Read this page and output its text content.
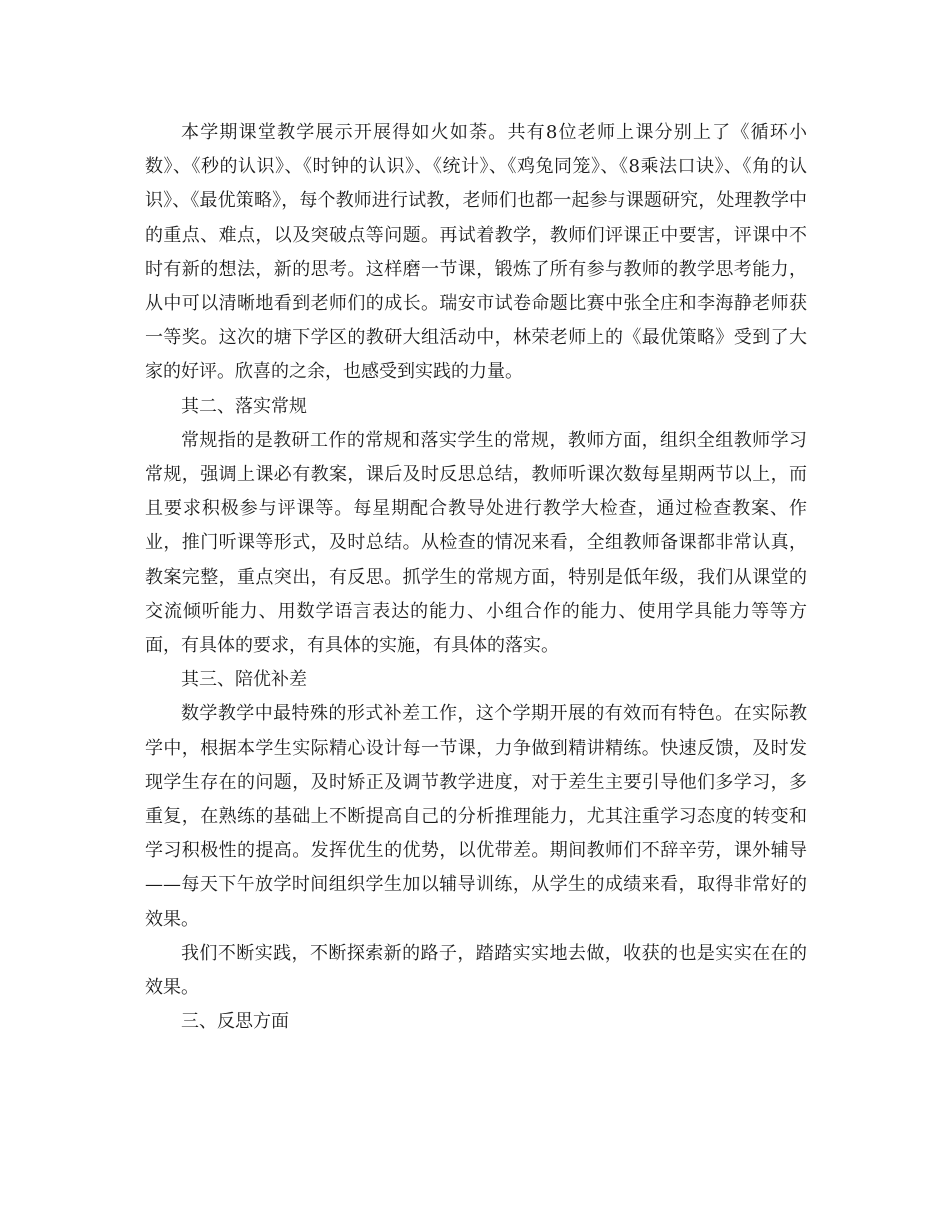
本学期课堂教学展示开展得如火如荼。共有8位老师上课分别上了《循环小数》、《秒的认识》、《时钟的认识》、《统计》、《鸡兔同笼》、《8乘法口诀》、《角的认识》、《最优策略》，每个教师进行试教，老师们也都一起参与课题研究，处理教学中的重点、难点，以及突破点等问题。再试着教学，教师们评课正中要害，评课中不时有新的想法，新的思考。这样磨一节课，锻炼了所有参与教师的教学思考能力，从中可以清晰地看到老师们的成长。瑞安市试卷命题比赛中张全庄和李海静老师获一等奖。这次的塘下学区的教研大组活动中，林荣老师上的《最优策略》受到了大家的好评。欣喜的之余，也感受到实践的力量。

其二、落实常规

常规指的是教研工作的常规和落实学生的常规，教师方面，组织全组教师学习常规，强调上课必有教案，课后及时反思总结，教师听课次数每星期两节以上，而且要求积极参与评课等。每星期配合教导处进行教学大检查，通过检查教案、作业，推门听课等形式，及时总结。从检查的情况来看，全组教师备课都非常认真，教案完整，重点突出，有反思。抓学生的常规方面，特别是低年级，我们从课堂的交流倾听能力、用数学语言表达的能力、小组合作的能力、使用学具能力等等方面，有具体的要求，有具体的实施，有具体的落实。

其三、陪优补差

数学教学中最特殊的形式补差工作，这个学期开展的有效而有特色。在实际教学中，根据本学生实际精心设计每一节课，力争做到精讲精练。快速反馈，及时发现学生存在的问题，及时矫正及调节教学进度，对于差生主要引导他们多学习，多重复，在熟练的基础上不断提高自己的分析推理能力，尤其注重学习态度的转变和学习积极性的提高。发挥优生的优势，以优带差。期间教师们不辞辛劳，课外辅导——每天下午放学时间组织学生加以辅导训练，从学生的成绩来看，取得非常好的效果。

我们不断实践，不断探索新的路子，踏踏实实地去做，收获的也是实实在在的效果。

三、反思方面
